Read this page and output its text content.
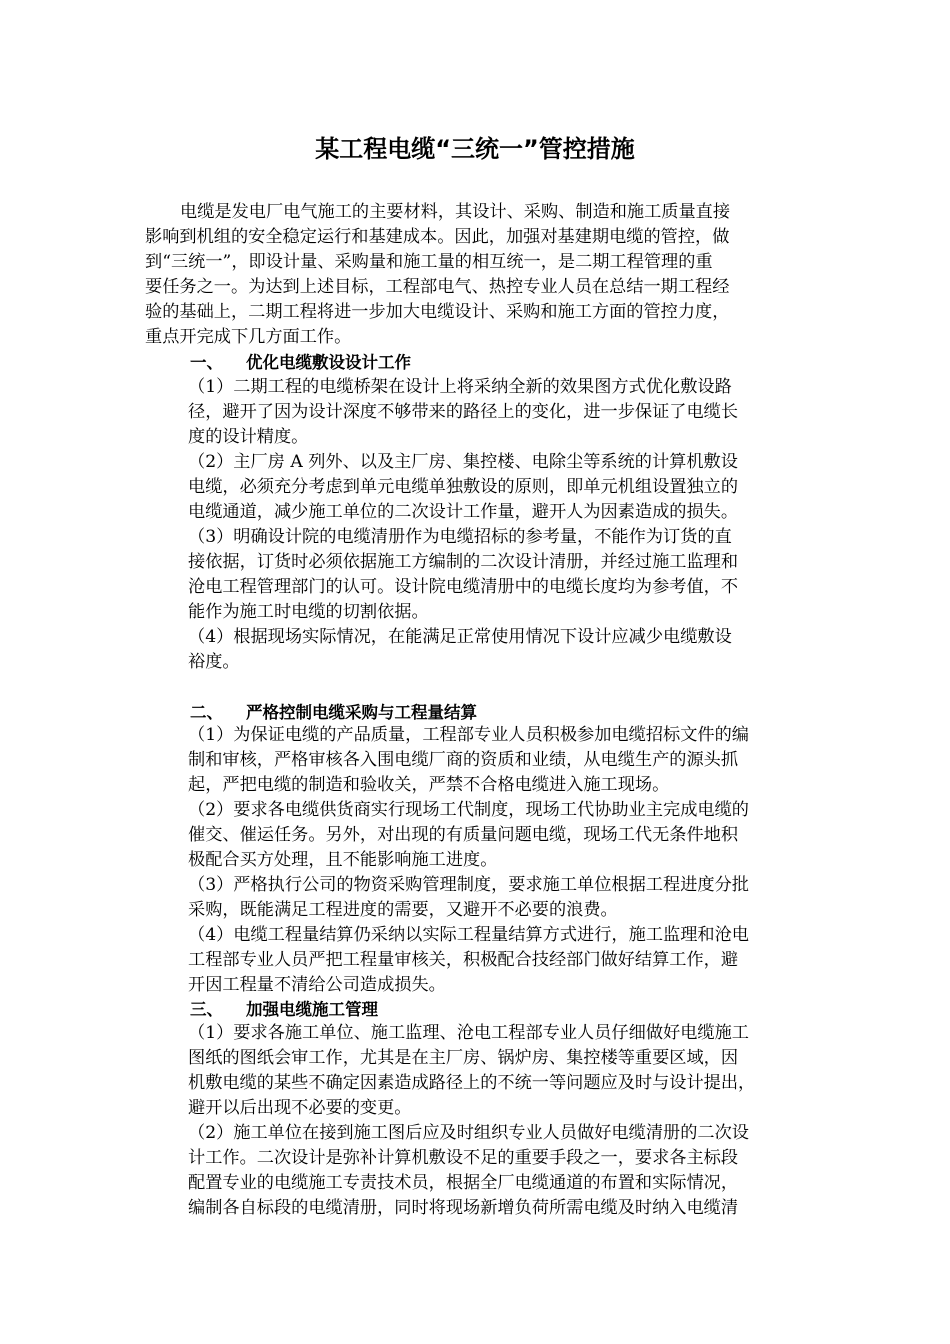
某工程电缆“三统一”管控措施
电缆是发电厂电气施工的主要材料，其设计、采购、制造和施工质量直接
影响到机组的安全稳定运行和基建成本。因此，加强对基建期电缆的管控，做
到“三统一”，即设计量、采购量和施工量的相互统一，是二期工程管理的重
要任务之一。为达到上述目标，工程部电气、热控专业人员在总结一期工程经
验的基础上，二期工程将进一步加大电缆设计、采购和施工方面的管控力度，
重点开完成下几方面工作。
一、 优化电缆敷设设计工作
（1）二期工程的电缆桥架在设计上将采纳全新的效果图方式优化敷设路
径，避开了因为设计深度不够带来的路径上的变化，进一步保证了电缆长
度的设计精度。
（2）主厂房 A 列外、以及主厂房、集控楼、电除尘等系统的计算机敷设
电缆，必须充分考虑到单元电缆单独敷设的原则，即单元机组设置独立的
电缆通道，减少施工单位的二次设计工作量，避开人为因素造成的损失。
（3）明确设计院的电缆清册作为电缆招标的参考量，不能作为订货的直
接依据，订货时必须依据施工方编制的二次设计清册，并经过施工监理和
沧电工程管理部门的认可。设计院电缆清册中的电缆长度均为参考值，不
能作为施工时电缆的切割依据。
（4）根据现场实际情况，在能满足正常使用情况下设计应减少电缆敷设
裕度。
二、 严格控制电缆采购与工程量结算
（1）为保证电缆的产品质量，工程部专业人员积极参加电缆招标文件的编
制和审核，严格审核各入围电缆厂商的资质和业绩，从电缆生产的源头抓
起，严把电缆的制造和验收关，严禁不合格电缆进入施工现场。
（2）要求各电缆供货商实行现场工代制度，现场工代协助业主完成电缆的
催交、催运任务。另外，对出现的有质量问题电缆，现场工代无条件地积
极配合买方处理，且不能影响施工进度。
（3）严格执行公司的物资采购管理制度，要求施工单位根据工程进度分批
采购，既能满足工程进度的需要，又避开不必要的浪费。
（4）电缆工程量结算仍采纳以实际工程量结算方式进行，施工监理和沧电
工程部专业人员严把工程量审核关，积极配合技经部门做好结算工作，避
开因工程量不清给公司造成损失。
三、 加强电缆施工管理
（1）要求各施工单位、施工监理、沧电工程部专业人员仔细做好电缆施工
图纸的图纸会审工作，尤其是在主厂房、锅炉房、集控楼等重要区域，因
机敷电缆的某些不确定因素造成路径上的不统一等问题应及时与设计提出，
避开以后出现不必要的变更。
（2）施工单位在接到施工图后应及时组织专业人员做好电缆清册的二次设
计工作。二次设计是弥补计算机敷设不足的重要手段之一，要求各主标段
配置专业的电缆施工专责技术员，根据全厂电缆通道的布置和实际情况，
编制各自标段的电缆清册，同时将现场新增负荷所需电缆及时纳入电缆清
